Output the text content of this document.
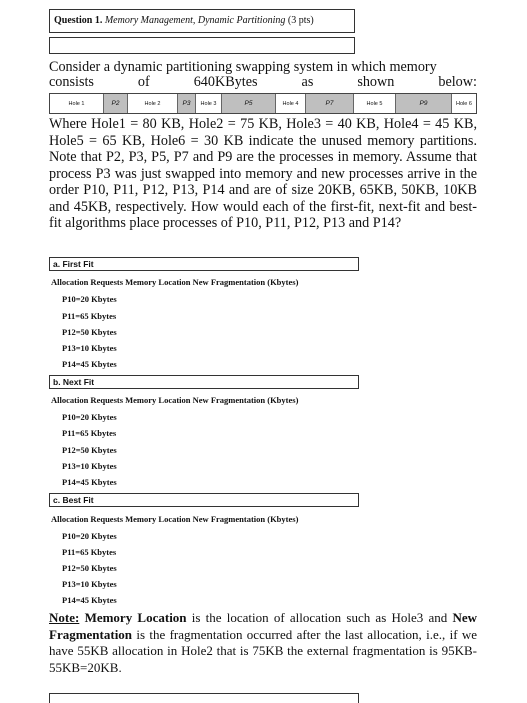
Question 1. Memory Management, Dynamic Partitioning (3 pts)
Consider a dynamic partitioning swapping system in which memory
consists	of	640KBytes	as	shown	below:
Hole 1	P2	Hole 2	P3	Hole 3	P5	Hole 4	P7	Hole 5	P9	Hole 6
Where Hole1 = 80 KB, Hole2 = 75 KB, Hole3 = 40 KB, Hole4 = 45 KB, Hole5 = 65 KB, Hole6 = 30 KB indicate the unused memory partitions. Note that P2, P3, P5, P7 and P9 are the processes in memory. Assume that process P3 was just swapped into memory and new processes arrive in the order P10, P11, P12, P13, P14 and are of size 20KB, 65KB, 50KB, 10KB and 45KB, respectively. How would each of the first-fit, next-fit and best-fit algorithms place processes of P10, P11, P12, P13 and P14?
a. First Fit
Allocation Requests Memory Location New Fragmentation (Kbytes)
P10=20 Kbytes
P11=65 Kbytes
P12=50 Kbytes
P13=10 Kbytes
P14=45 Kbytes
b. Next Fit
Allocation Requests Memory Location New Fragmentation (Kbytes)
P10=20 Kbytes
P11=65 Kbytes
P12=50 Kbytes
P13=10 Kbytes
P14=45 Kbytes
c. Best Fit
Allocation Requests Memory Location New Fragmentation (Kbytes)
P10=20 Kbytes
P11=65 Kbytes
P12=50 Kbytes
P13=10 Kbytes
P14=45 Kbytes
Note: Memory Location is the location of allocation such as Hole3 and New Fragmentation is the fragmentation occurred after the last allocation, i.e., if we have 55KB allocation in Hole2 that is 75KB the external fragmentation is 95KB-55KB=20KB.
